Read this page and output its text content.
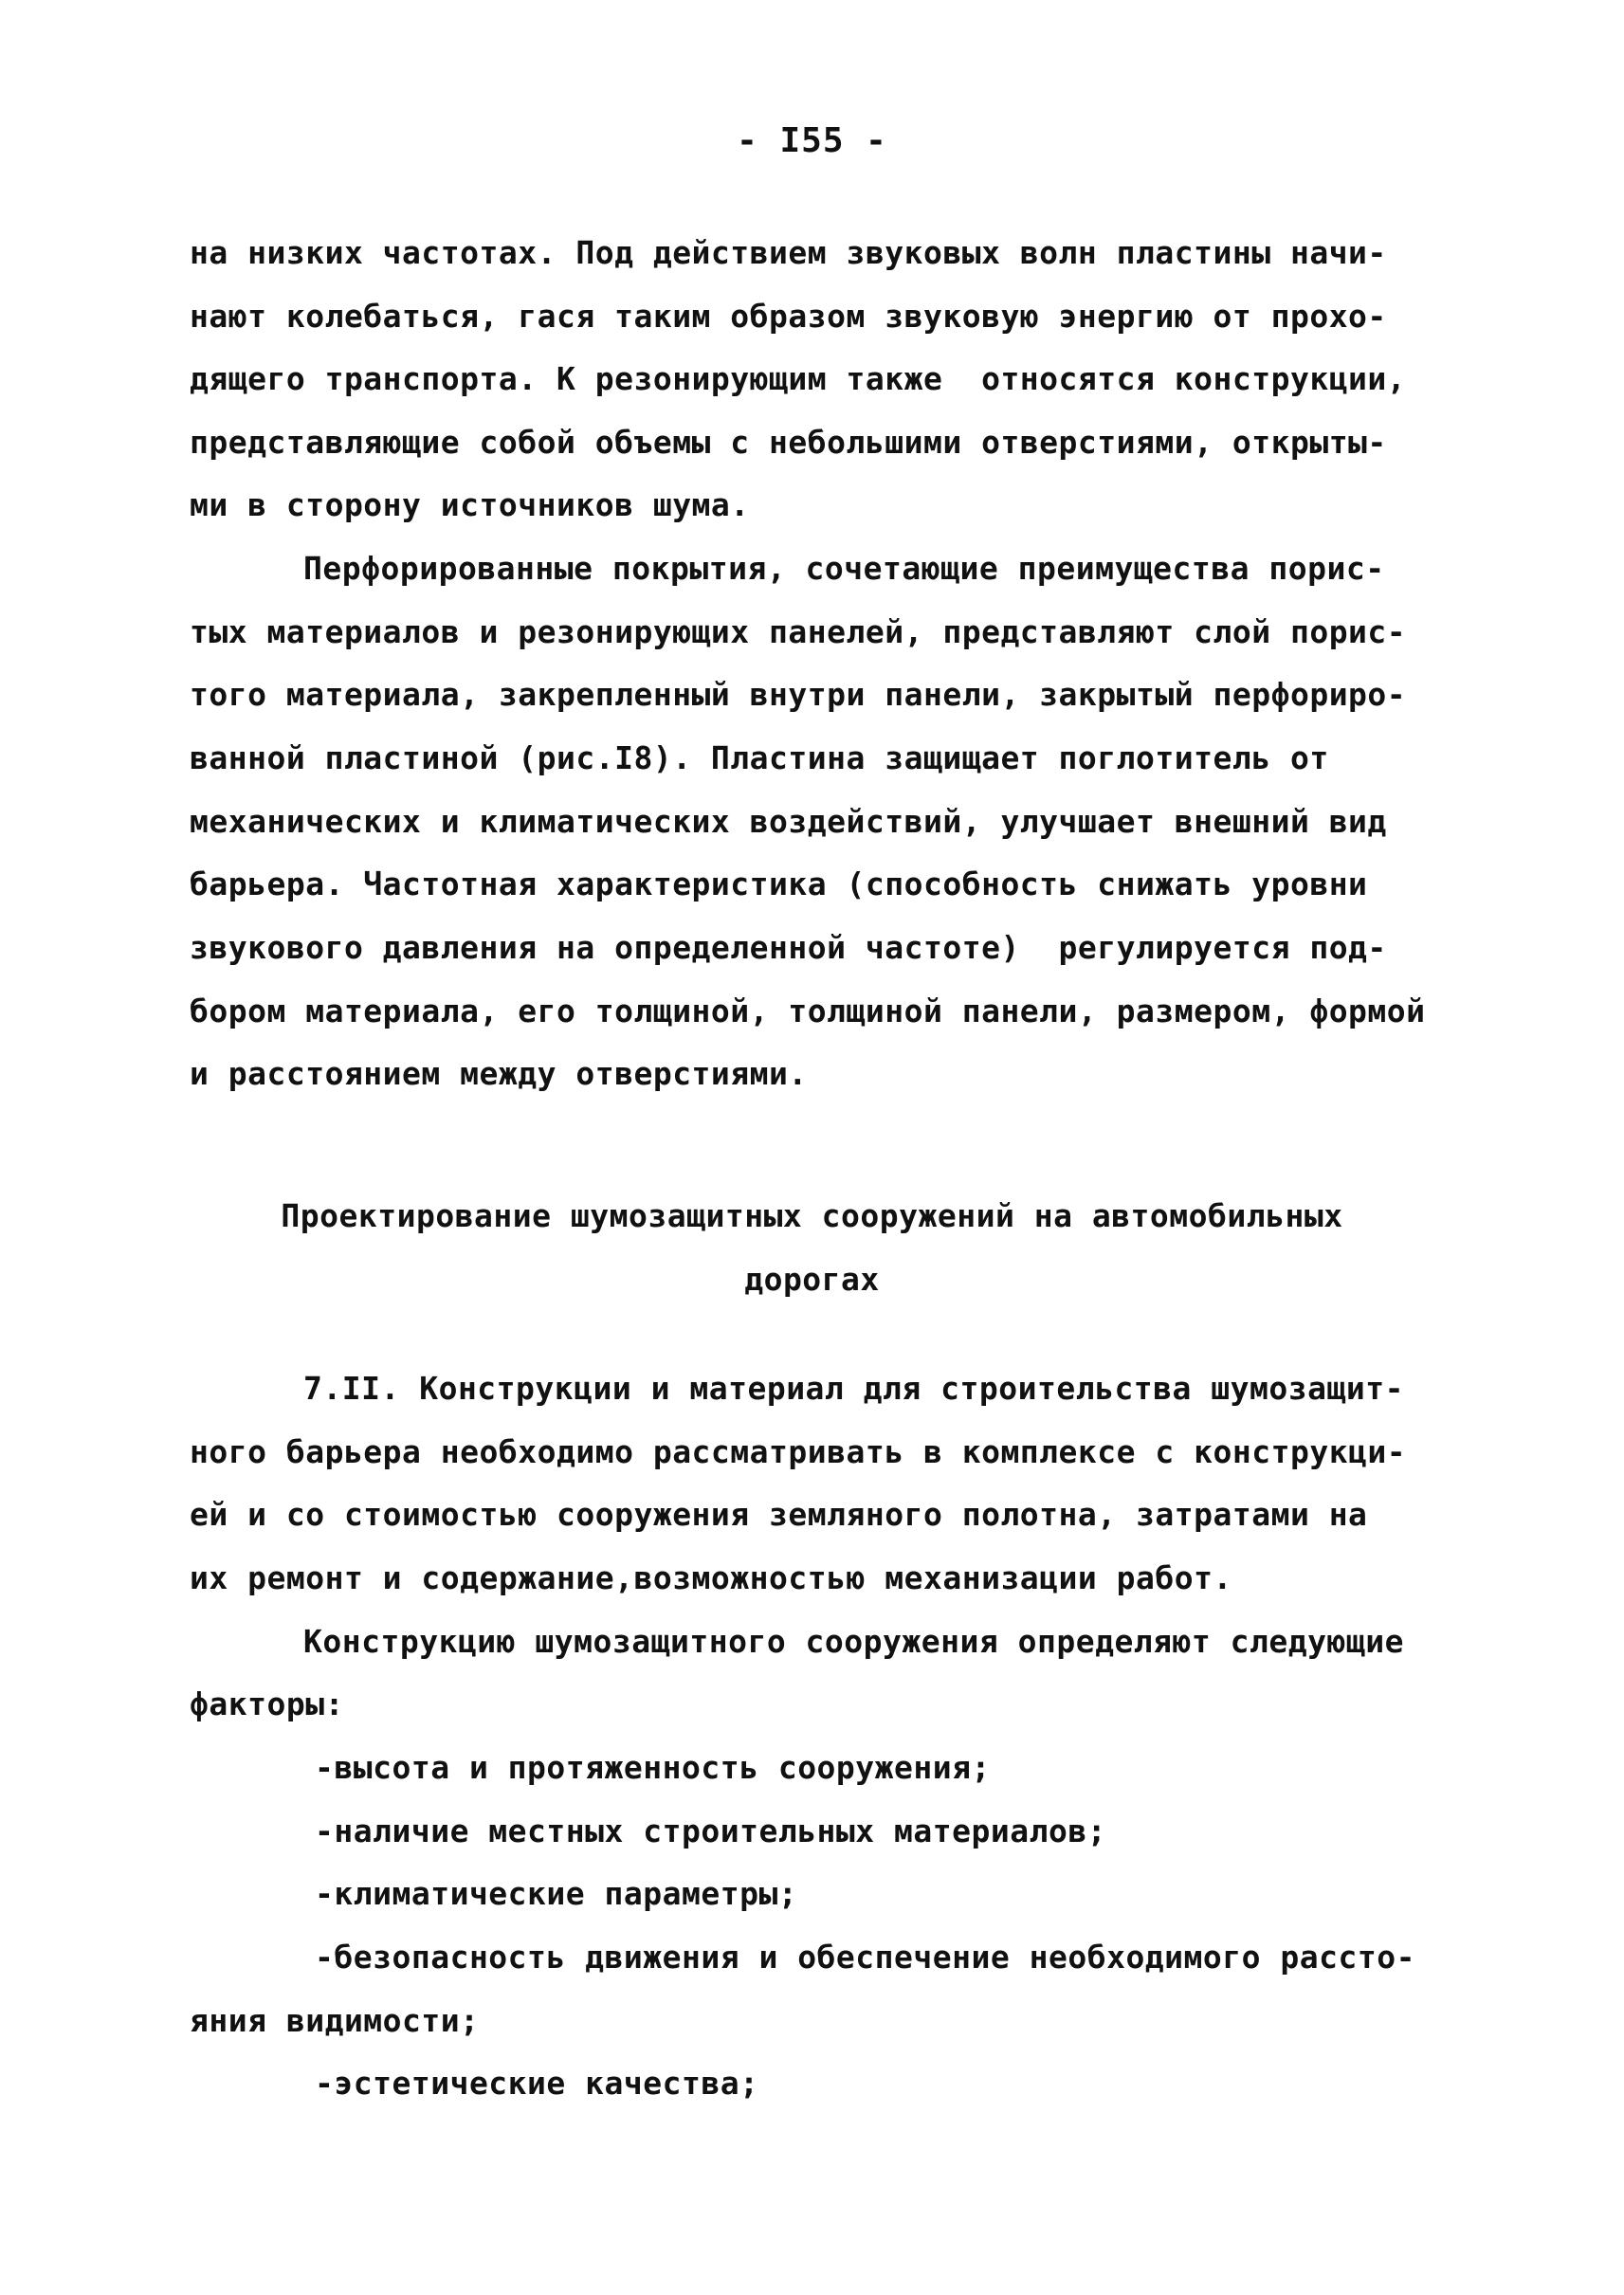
- I55 -
на низких частотах. Под действием звуковых волн пластины начи-
нают колебаться, гася таким образом звуковую энергию от прохо-
дящего транспорта. К резонирующим также  относятся конструкции,
представляющие собой объемы с небольшими отверстиями, открыты-
ми в сторону источников шума.
Перфорированные покрытия, сочетающие преимущества порис-
тых материалов и резонирующих панелей, представляют слой порис-
того материала, закрепленный внутри панели, закрытый перфориро-
ванной пластиной (рис.I8). Пластина защищает поглотитель от
механических и климатических воздействий, улучшает внешний вид
барьера. Частотная характеристика (способность снижать уровни
звукового давления на определенной частоте)  регулируется под-
бором материала, его толщиной, толщиной панели, размером, формой
и расстоянием между отверстиями.
Проектирование шумозащитных сооружений на автомобильных
дорогах
7.II. Конструкции и материал для строительства шумозащит-
ного барьера необходимо рассматривать в комплексе с конструкци-
ей и со стоимостью сооружения земляного полотна, затратами на
их ремонт и содержание,возможностью механизации работ.
Конструкцию шумозащитного сооружения определяют следующие
факторы:
-высота и протяженность сооружения;
-наличие местных строительных материалов;
-климатические параметры;
-безопасность движения и обеспечение необходимого расстo-
яния видимости;
-эстетические качества;
